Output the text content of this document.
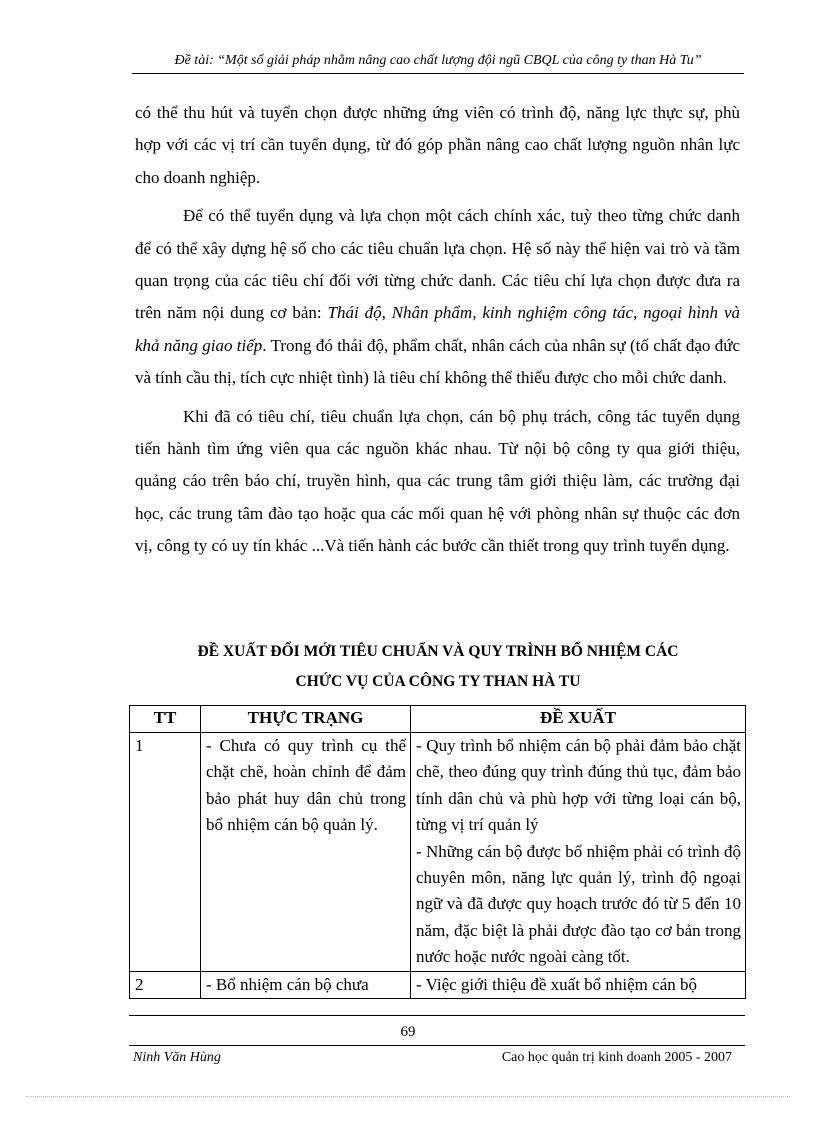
Đề tài: “Một số giải pháp nhằm nâng cao chất lượng đội ngũ CBQL của công ty than Hà Tu”

có thể thu hút và tuyển chọn được những ứng viên có trình độ, năng lực thực sự, phù hợp với các vị trí cần tuyển dụng, từ đó góp phần nâng cao chất lượng nguồn nhân lực cho doanh nghiệp.

Để có thể tuyển dụng và lựa chọn một cách chính xác, tuỳ theo từng chức danh để có thể xây dựng hệ số cho các tiêu chuẩn lựa chọn. Hệ số này thể hiện vai trò và tầm quan trọng của các tiêu chí đối với từng chức danh. Các tiêu chí lựa chọn được đưa ra trên năm nội dung cơ bản: Thái độ, Nhân phẩm, kinh nghiệm công tác, ngoại hình và khả năng giao tiếp. Trong đó thái độ, phẩm chất, nhân cách của nhân sự (tố chất đạo đức và tính cầu thị, tích cực nhiệt tình) là tiêu chí không thể thiếu được cho mỗi chức danh.

Khi đã có tiêu chí, tiêu chuẩn lựa chọn, cán bộ phụ trách, công tác tuyển dụng tiến hành tìm ứng viên qua các nguồn khác nhau. Từ nội bộ công ty qua giới thiệu, quảng cáo trên báo chí, truyền hình, qua các trung tâm giới thiệu làm, các trường đại học, các trung tâm đào tạo hoặc qua các mối quan hệ với phòng nhân sự thuộc các đơn vị, công ty có uy tín khác ...Và tiến hành các bước cần thiết trong quy trình tuyển dụng.

ĐỀ XUẤT ĐỔI MỚI TIÊU CHUẨN VÀ QUY TRÌNH BỔ NHIỆM CÁC
CHỨC VỤ CỦA CÔNG TY THAN HÀ TU
TT	THỰC TRẠNG	ĐỀ XUẤT
1	- Chưa có quy trình cụ thể chặt chẽ, hoàn chỉnh để đảm bảo phát huy dân chủ trong bổ nhiệm cán bộ quản lý.	- Quy trình bổ nhiệm cán bộ phải đảm bảo chặt chẽ, theo đúng quy trình đúng thủ tục, đảm bảo tính dân chủ và phù hợp với từng loại cán bộ, từng vị trí quản lý
- Những cán bộ được bổ nhiệm phải có trình độ chuyên môn, năng lực quản lý, trình độ ngoại ngữ và đã được quy hoạch trước đó từ 5 đến 10 năm, đặc biệt là phải được đào tạo cơ bản trong nước hoặc nước ngoài càng tốt.

2	- Bổ nhiệm cán bộ chưa	- Việc giới thiệu đề xuất bổ nhiệm cán bộ
69
Ninh Văn Hùng	Cao học quản trị kinh doanh 2005 - 2007
